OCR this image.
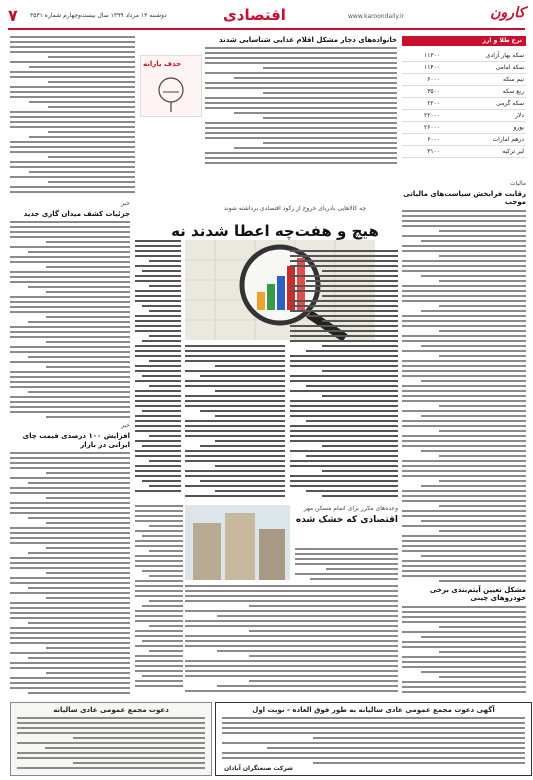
۷ دوشنبه ۱۳ مرداد ۱۳۹۹ سال بیست‌وچهارم شماره ۳۵۳۱	اقتصادی	www.karoondaily.ir	کارون
نرخ طلا و ارز
سکه بهار آزادی	۱۱۳۰۰
سکه امامی	۱۱۴۰۰
نیم سکه	۶۰۰۰
ربع سکه	۳۵۰۰
سکه گرمی	۲۲۰۰
دلار	۲۲۰۰۰
یورو	۲۶۰۰۰
درهم امارات	۶۰۰۰
لیر ترکیه	۳۱۰۰
مالیات
رقابت فرابخش سیاست‌های مالیاتی موجب
مشکل تعیین آیتم‌بندی برخی خودروهای چینی
خانواده‌های دچار مشکل اقلام غذایی شناسایی شدند
حذف یارانه
چه کالاهایی بادریای خروج از رکود اقتصادی برداشته شوند
هیچ و هفت‌چه اعطا شدند نه
خبر
جزئیات کشف میدان گازی جدید
خبر
افزایش ۱۰۰ درصدی قیمت چای ایرانی در بازار
وعده‌های مکرر برای اتمام مسکن مهر
اقتصادی که خشک شده
آگهی دعوت مجمع عمومی عادی سالیانه به طور فوق العاده - نوبت اول
شرکت صنعتگران آبادان
دعوت مجمع عمومی عادی سالیانه
